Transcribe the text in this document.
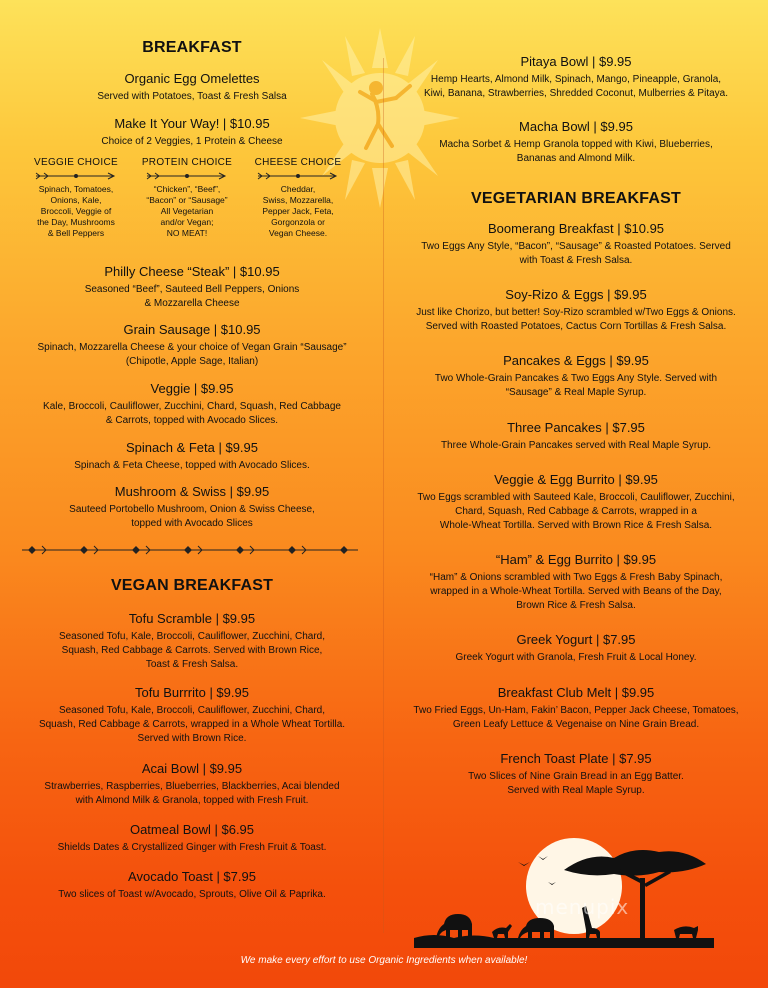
BREAKFAST
Organic Egg Omelettes
Served with Potatoes, Toast & Fresh Salsa
Make It Your Way! | $10.95
Choice of 2 Veggies, 1 Protein & Cheese
VEGGIE CHOICE
Spinach, Tomatoes,
Onions, Kale,
Broccoli, Veggie of
the Day, Mushrooms
& Bell Peppers
PROTEIN CHOICE
“Chicken”, “Beef”,
“Bacon” or “Sausage”
All Vegetarian
and/or Vegan;
NO MEAT!
CHEESE CHOICE
Cheddar,
Swiss, Mozzarella,
Pepper Jack, Feta,
Gorgonzola or
Vegan Cheese.
Philly Cheese “Steak” | $10.95
Seasoned “Beef”, Sauteed Bell Peppers, Onions
& Mozzarella Cheese
Grain Sausage | $10.95
Spinach, Mozzarella Cheese & your choice of Vegan Grain “Sausage”
(Chipotle, Apple Sage, Italian)
Veggie | $9.95
Kale, Broccoli, Cauliflower, Zucchini, Chard, Squash, Red Cabbage
& Carrots, topped with Avocado Slices.
Spinach & Feta | $9.95
Spinach & Feta Cheese, topped with Avocado Slices.
Mushroom & Swiss | $9.95
Sauteed Portobello Mushroom, Onion & Swiss Cheese,
topped with Avocado Slices
VEGAN BREAKFAST
Tofu Scramble | $9.95
Seasoned Tofu, Kale, Broccoli, Cauliflower, Zucchini, Chard,
Squash, Red Cabbage & Carrots. Served with Brown Rice,
Toast & Fresh Salsa.
Tofu Burrrito | $9.95
Seasoned Tofu, Kale, Broccoli, Cauliflower, Zucchini, Chard,
Squash, Red Cabbage & Carrots, wrapped in a Whole Wheat Tortilla.
Served with Brown Rice.
Acai Bowl | $9.95
Strawberries, Raspberries, Blueberries, Blackberries, Acai blended
with Almond Milk & Granola, topped with Fresh Fruit.
Oatmeal Bowl | $6.95
Shields Dates & Crystallized Ginger with Fresh Fruit & Toast.
Avocado Toast | $7.95
Two slices of Toast w/Avocado, Sprouts, Olive Oil & Paprika.
Pitaya Bowl | $9.95
Hemp Hearts, Almond Milk, Spinach, Mango, Pineapple, Granola,
Kiwi, Banana, Strawberries, Shredded Coconut, Mulberries & Pitaya.
Macha Bowl | $9.95
Macha Sorbet & Hemp Granola topped with Kiwi, Blueberries,
Bananas and Almond Milk.
VEGETARIAN BREAKFAST
Boomerang Breakfast | $10.95
Two Eggs Any Style, “Bacon”, “Sausage” & Roasted Potatoes. Served
with Toast & Fresh Salsa.
Soy-Rizo & Eggs | $9.95
Just like Chorizo, but better! Soy-Rizo scrambled w/Two Eggs & Onions.
Served with Roasted Potatoes, Cactus Corn Tortillas & Fresh Salsa.
Pancakes & Eggs | $9.95
Two Whole-Grain Pancakes & Two Eggs Any Style. Served with
“Sausage” & Real Maple Syrup.
Three Pancakes | $7.95
Three Whole-Grain Pancakes served with Real Maple Syrup.
Veggie & Egg Burrito | $9.95
Two Eggs scrambled with Sauteed Kale, Broccoli, Cauliflower, Zucchini,
Chard, Squash, Red Cabbage & Carrots, wrapped in a
Whole-Wheat Tortilla. Served with Brown Rice & Fresh Salsa.
“Ham” & Egg Burrito | $9.95
“Ham” & Onions scrambled with Two Eggs & Fresh Baby Spinach,
wrapped in a Whole-Wheat Tortilla. Served with Beans of the Day,
Brown Rice & Fresh Salsa.
Greek Yogurt | $7.95
Greek Yogurt with Granola, Fresh Fruit & Local Honey.
Breakfast Club Melt | $9.95
Two Fried Eggs, Un-Ham, Fakin’ Bacon, Pepper Jack Cheese, Tomatoes,
Green Leafy Lettuce & Vegenaise on Nine Grain Bread.
French Toast Plate | $7.95
Two Slices of Nine Grain Bread in an Egg Batter.
Served with Real Maple Syrup.
menupix
We make every effort to use Organic Ingredients when available!
